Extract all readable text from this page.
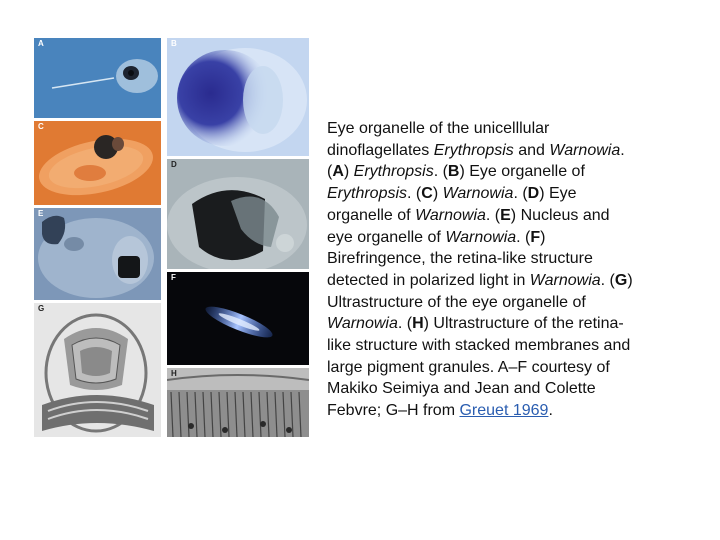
A	B
C
D
E
F
G
H
Eye organelle of the unicelllular
dinoflagellates Erythropsis and Warnowia.
(A) Erythropsis. (B) Eye organelle of
Erythropsis. (C) Warnowia. (D) Eye
organelle of Warnowia. (E) Nucleus and
eye organelle of Warnowia. (F)
Birefringence, the retina-like structure
detected in polarized light in Warnowia. (G)
Ultrastructure of the eye organelle of
Warnowia. (H) Ultrastructure of the retina-
like structure with stacked membranes and
large pigment granules. A–F courtesy of
Makiko Seimiya and Jean and Colette
Febvre; G–H from Greuet 1969.
